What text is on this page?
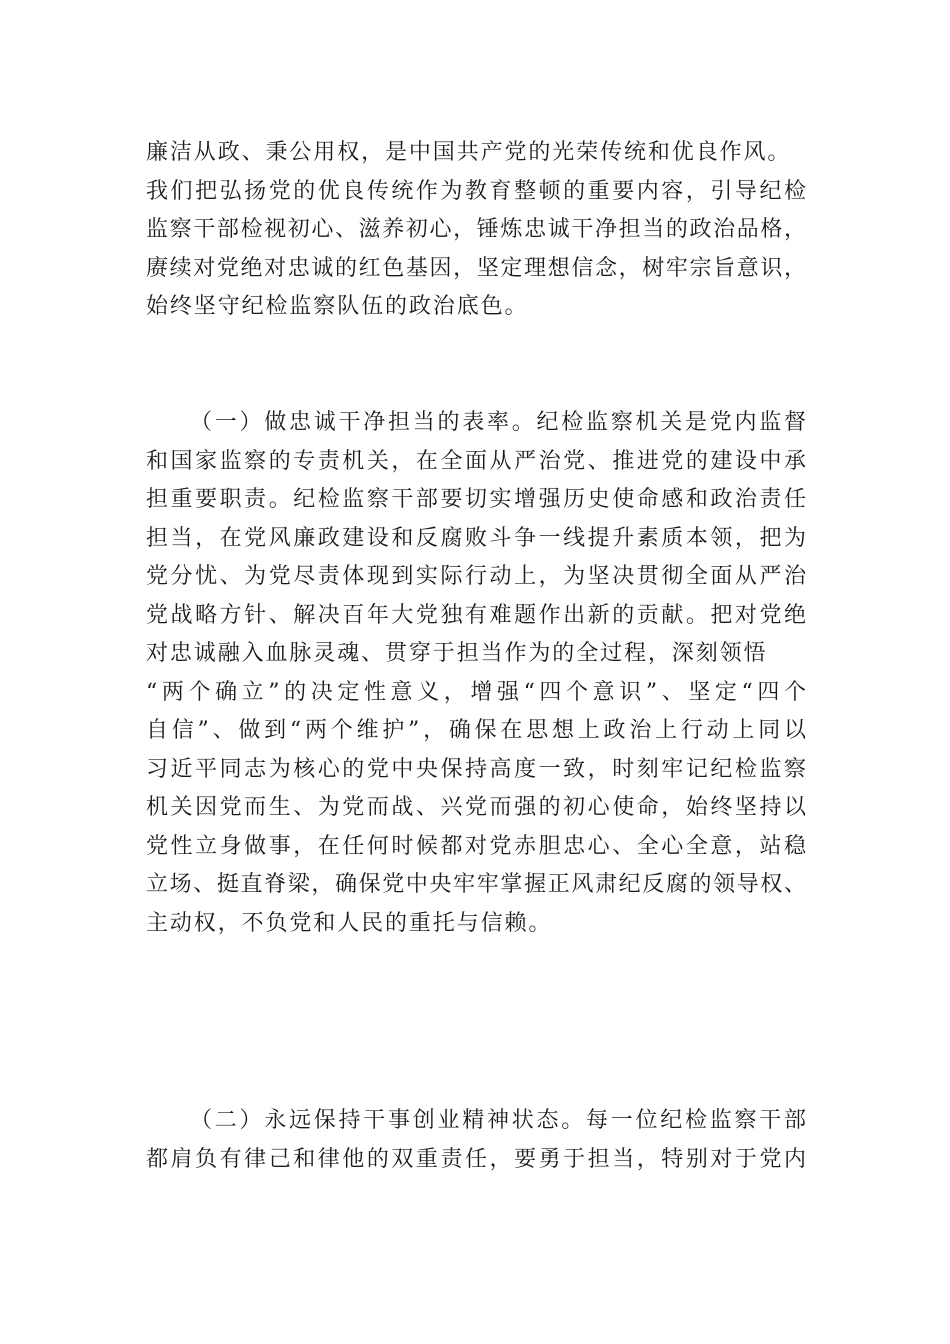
廉洁从政、秉公用权，是中国共产党的光荣传统和优良作风。
我们把弘扬党的优良传统作为教育整顿的重要内容，引导纪检
监察干部检视初心、滋养初心，锤炼忠诚干净担当的政治品格，
赓续对党绝对忠诚的红色基因，坚定理想信念，树牢宗旨意识，
始终坚守纪检监察队伍的政治底色。
（一）做忠诚干净担当的表率。纪检监察机关是党内监督
和国家监察的专责机关，在全面从严治党、推进党的建设中承
担重要职责。纪检监察干部要切实增强历史使命感和政治责任
担当，在党风廉政建设和反腐败斗争一线提升素质本领，把为
党分忧、为党尽责体现到实际行动上，为坚决贯彻全面从严治
党战略方针、解决百年大党独有难题作出新的贡献。把对党绝
对忠诚融入血脉灵魂、贯穿于担当作为的全过程，深刻领悟
“两个确立”的决定性意义，增强“四个意识”、坚定“四个
自信”、做到“两个维护”，确保在思想上政治上行动上同以
习近平同志为核心的党中央保持高度一致，时刻牢记纪检监察
机关因党而生、为党而战、兴党而强的初心使命，始终坚持以
党性立身做事，在任何时候都对党赤胆忠心、全心全意，站稳
立场、挺直脊梁，确保党中央牢牢掌握正风肃纪反腐的领导权、
主动权，不负党和人民的重托与信赖。
（二）永远保持干事创业精神状态。每一位纪检监察干部
都肩负有律己和律他的双重责任，要勇于担当，特别对于党内
